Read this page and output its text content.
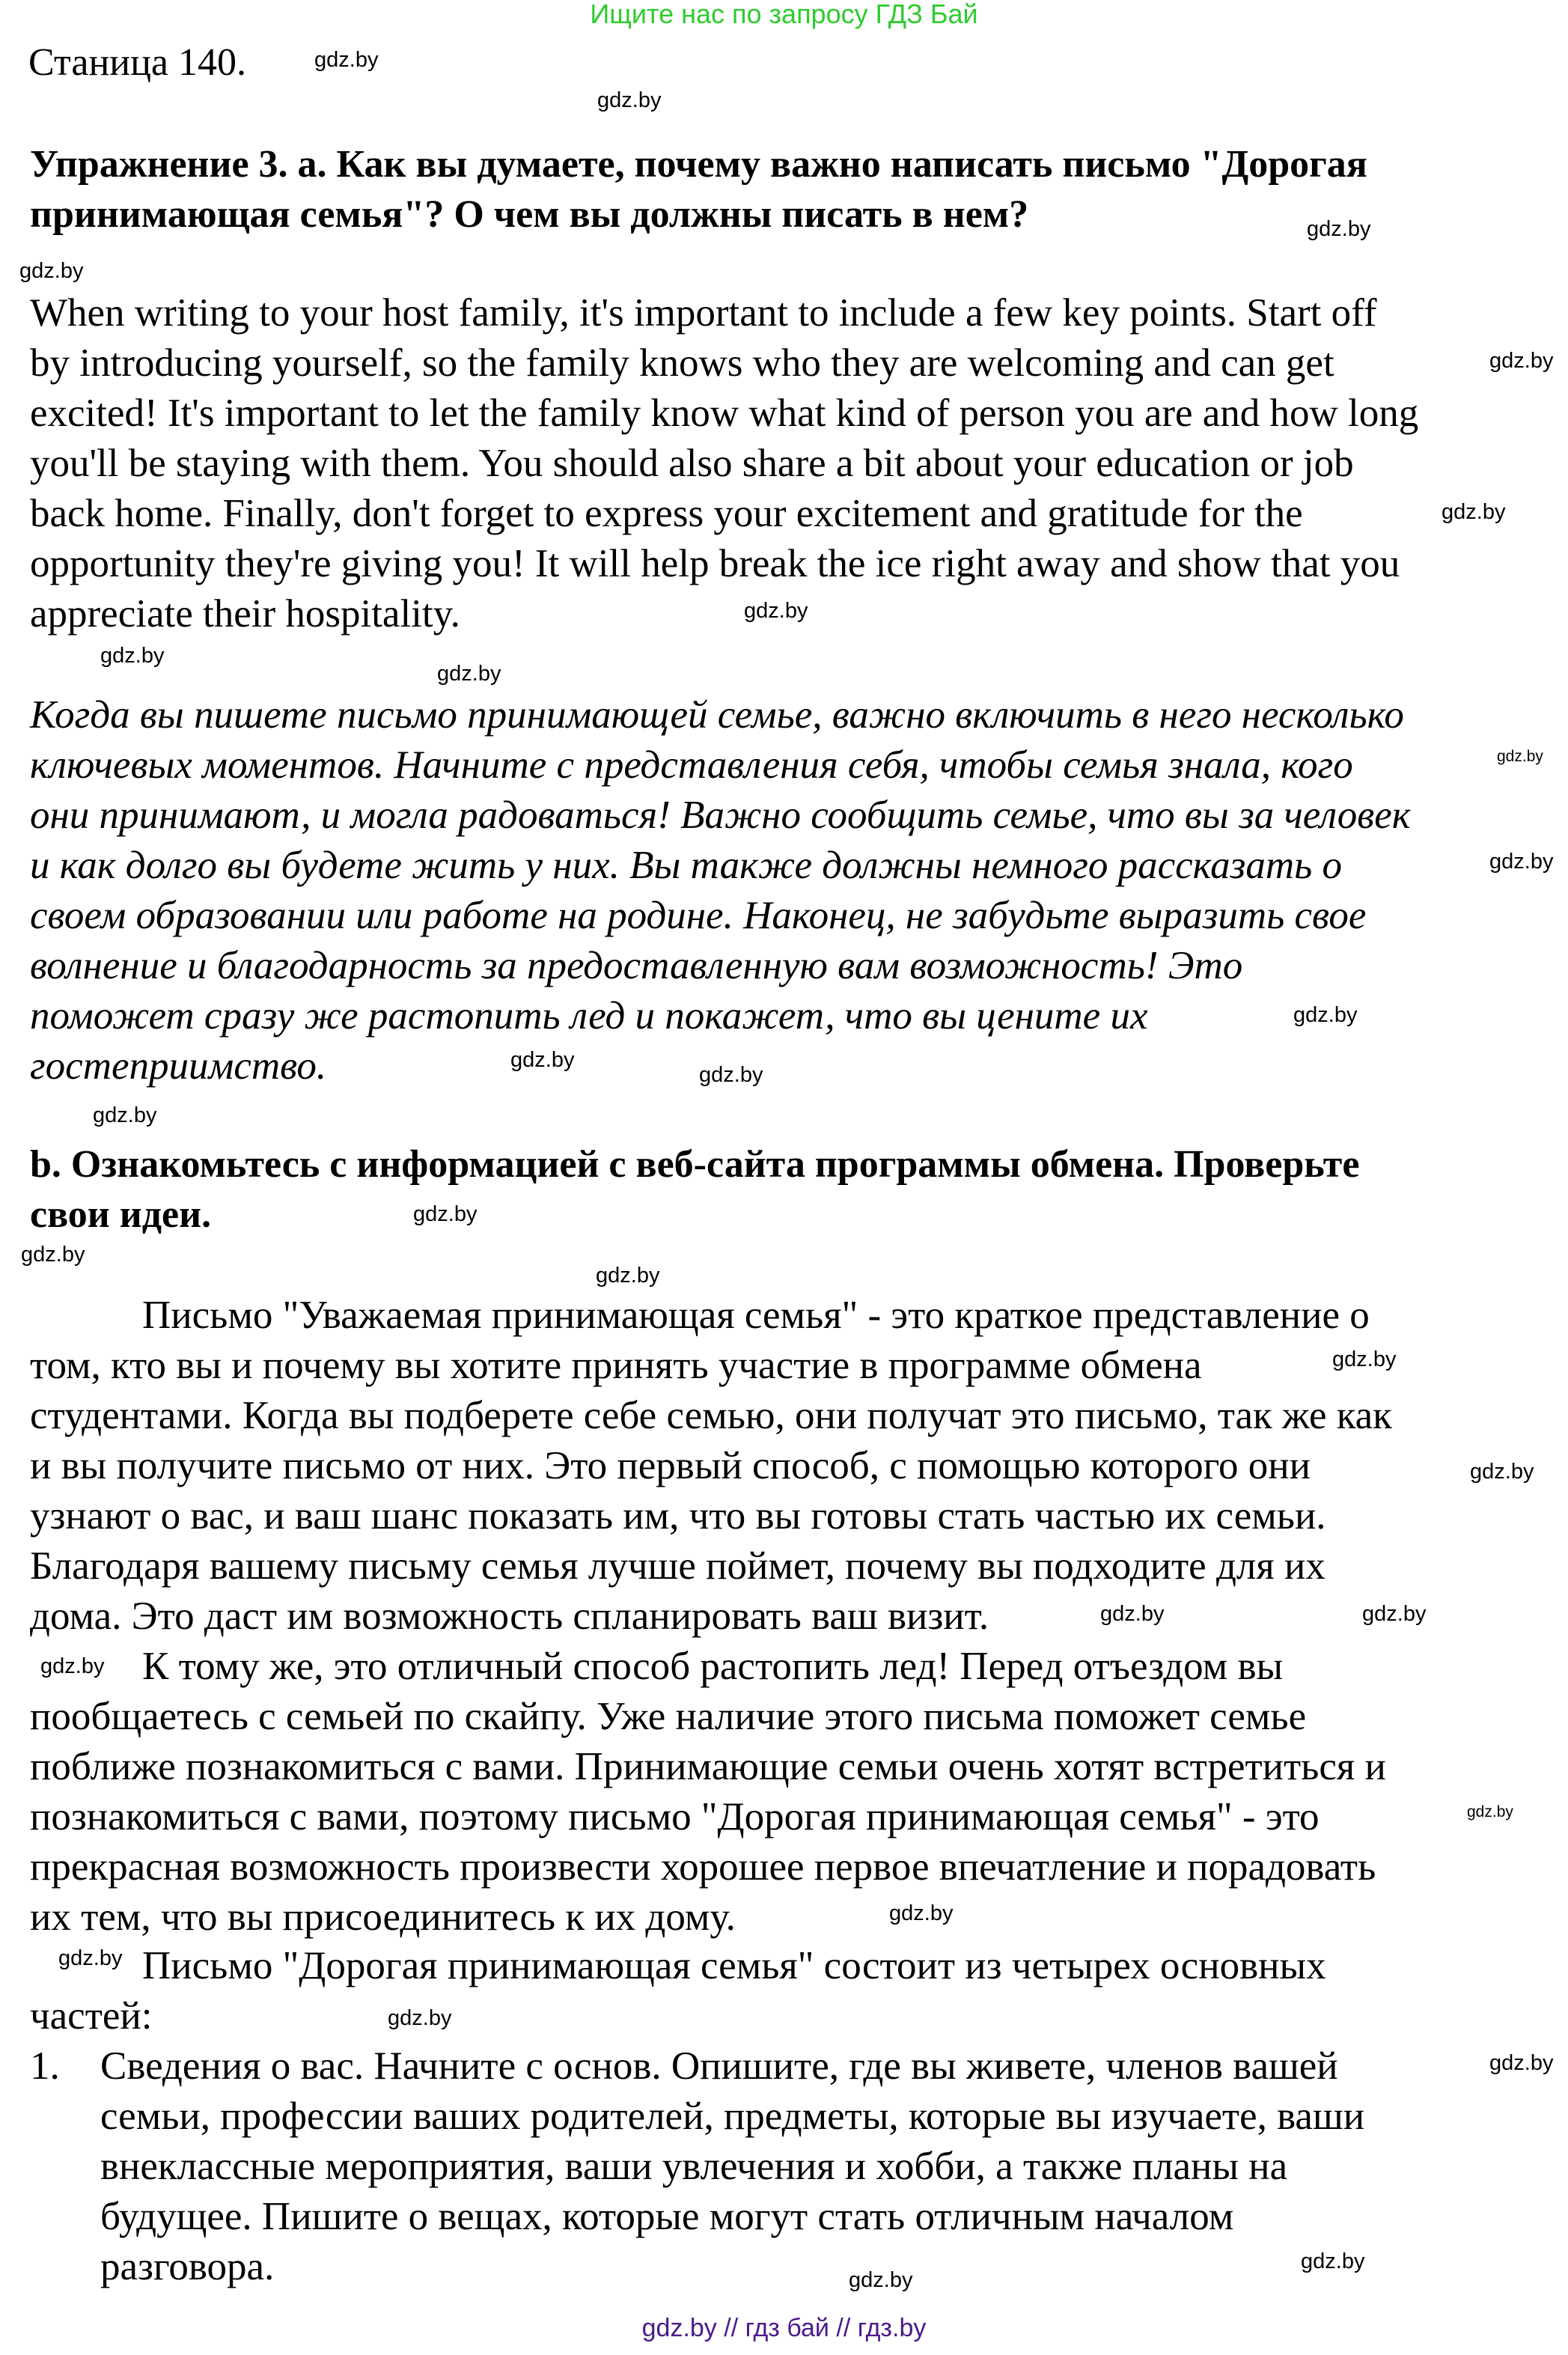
Ищите нас по запросу ГДЗ Бай
Станица 140.
Упражнение 3. а. Как вы думаете, почему важно написать письмо "Дорогая
принимающая семья"? О чем вы должны писать в нем?
When writing to your host family, it's important to include a few key points. Start off
by introducing yourself, so the family knows who they are welcoming and can get
excited! It's important to let the family know what kind of person you are and how long
you'll be staying with them. You should also share a bit about your education or job
back home. Finally, don't forget to express your excitement and gratitude for the
opportunity they're giving you! It will help break the ice right away and show that you
appreciate their hospitality.
Когда вы пишете письмо принимающей семье, важно включить в него несколько
ключевых моментов. Начните с представления себя, чтобы семья знала, кого
они принимают, и могла радоваться! Важно сообщить семье, что вы за человек
и как долго вы будете жить у них. Вы также должны немного рассказать о
своем образовании или работе на родине. Наконец, не забудьте выразить свое
волнение и благодарность за предоставленную вам возможность! Это
поможет сразу же растопить лед и покажет, что вы цените их
гостеприимство.
b. Ознакомьтесь с информацией с веб-сайта программы обмена. Проверьте
свои идеи.
Письмо "Уважаемая принимающая семья" - это краткое представление о
том, кто вы и почему вы хотите принять участие в программе обмена
студентами. Когда вы подберете себе семью, они получат это письмо, так же как
и вы получите письмо от них. Это первый способ, с помощью которого они
узнают о вас, и ваш шанс показать им, что вы готовы стать частью их семьи.
Благодаря вашему письму семья лучше поймет, почему вы подходите для их
дома. Это даст им возможность спланировать ваш визит.
К тому же, это отличный способ растопить лед! Перед отъездом вы
пообщаетесь с семьей по скайпу. Уже наличие этого письма поможет семье
поближе познакомиться с вами. Принимающие семьи очень хотят встретиться и
познакомиться с вами, поэтому письмо "Дорогая принимающая семья" - это
прекрасная возможность произвести хорошее первое впечатление и порадовать
их тем, что вы присоединитесь к их дому.
Письмо "Дорогая принимающая семья" состоит из четырех основных
частей:
1. Сведения о вас. Начните с основ. Опишите, где вы живете, членов вашей
семьи, профессии ваших родителей, предметы, которые вы изучаете, ваши
внеклассные мероприятия, ваши увлечения и хобби, а также планы на
будущее. Пишите о вещах, которые могут стать отличным началом
разговора.
gdz.by
gdz.by
gdz.by
gdz.by
gdz.by
gdz.by
gdz.by
gdz.by
gdz.by
gdz.by
gdz.by
gdz.by
gdz.by
gdz.by
gdz.by
gdz.by
gdz.by
gdz.by
gdz.by
gdz.by
gdz.by	gdz.by
gdz.by
gdz.by
gdz.by
gdz.by
gdz.by
gdz.by
gdz.by
gdz.by
gdz.by // гдз бай // гдз.by
